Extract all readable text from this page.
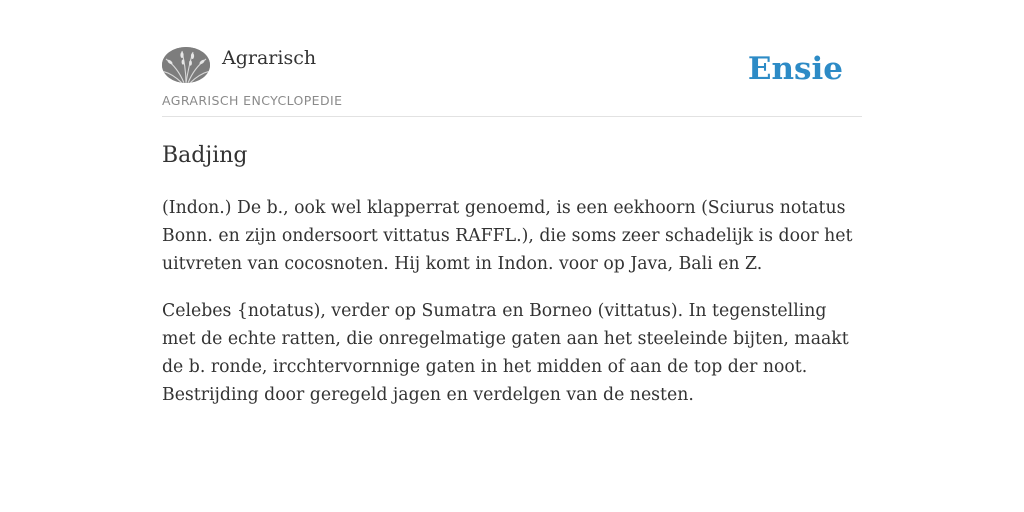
Agrarisch
AGRARISCH ENCYCLOPEDIE
Ensie
Badjing

(Indon.) De b., ook wel klapperrat genoemd, is een eekhoorn (Sciurus notatus Bonn. en zijn ondersoort vittatus RAFFL.), die soms zeer schadelijk is door het uitvreten van cocosnoten. Hij komt in Indon. voor op Java, Bali en Z.

Celebes {notatus), verder op Sumatra en Borneo (vittatus). In tegenstelling met de echte ratten, die onregelmatige gaten aan het steeleinde bijten, maakt de b. ronde, ircchtervornnige gaten in het midden of aan de top der noot. Bestrijding door geregeld jagen en verdelgen van de nesten.
